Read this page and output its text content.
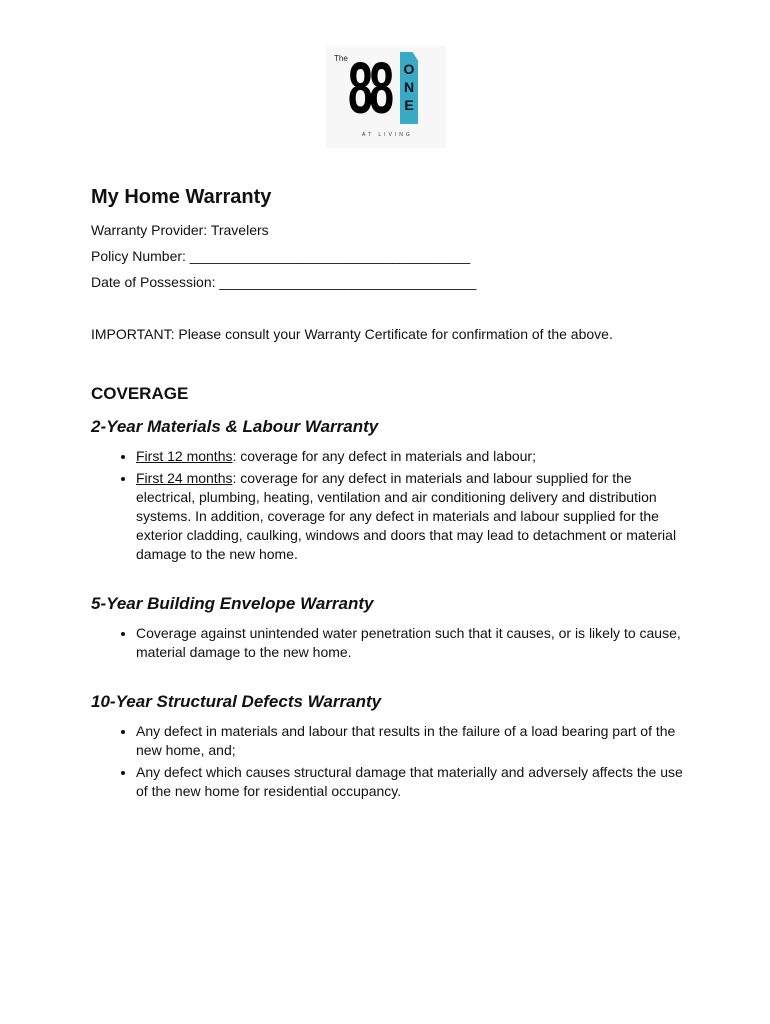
The 88 O
N
E
AT LIVING
My Home Warranty
Warranty Provider: Travelers
Policy Number: ____________________________________
Date of Possession: _________________________________
IMPORTANT: Please consult your Warranty Certificate for confirmation of the above.
COVERAGE
2-Year Materials & Labour Warranty
• First 12 months: coverage for any defect in materials and labour;
• First 24 months: coverage for any defect in materials and labour supplied for the electrical, plumbing, heating, ventilation and air conditioning delivery and distribution systems. In addition, coverage for any defect in materials and labour supplied for the exterior cladding, caulking, windows and doors that may lead to detachment or material damage to the new home.
5-Year Building Envelope Warranty
• Coverage against unintended water penetration such that it causes, or is likely to cause, material damage to the new home.
10-Year Structural Defects Warranty
• Any defect in materials and labour that results in the failure of a load bearing part of the new home, and;
• Any defect which causes structural damage that materially and adversely affects the use of the new home for residential occupancy.
